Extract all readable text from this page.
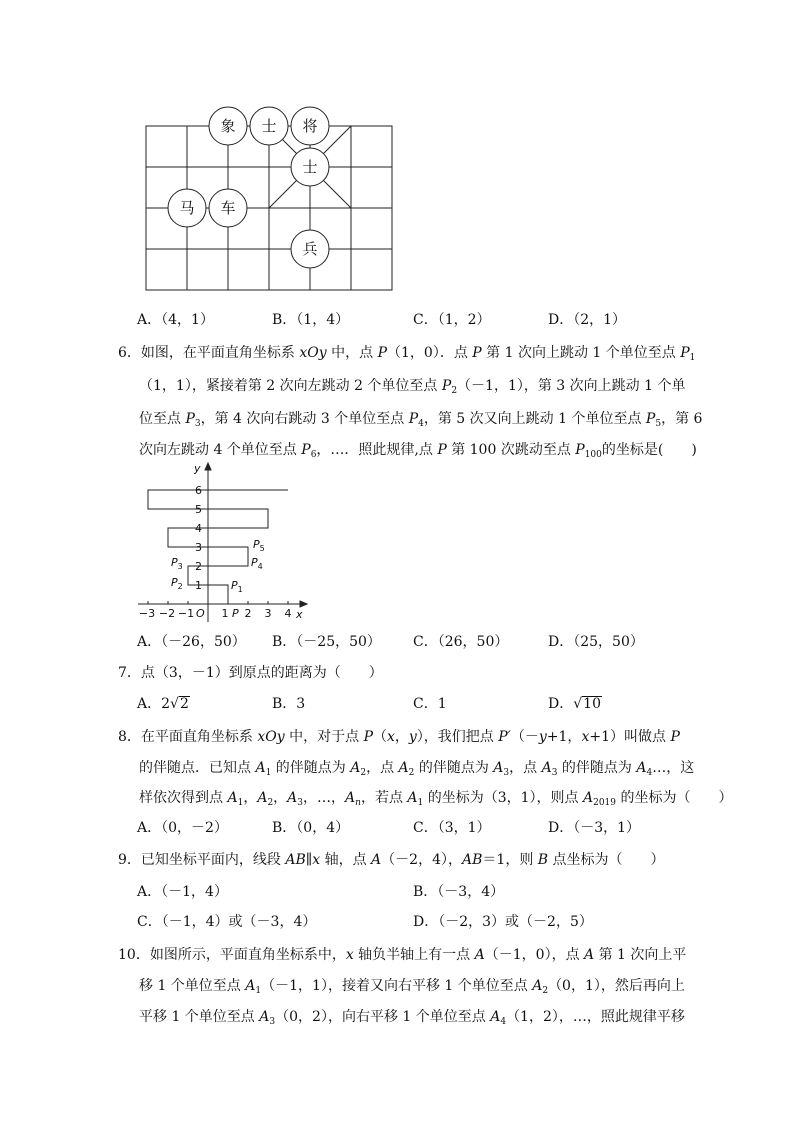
象 士 将
士
马 车
兵
A．（4，1）	B．（1，4）	C．（1，2）	D．（2，1）
6．如图，在平面直角坐标系 xOy 中，点 P（1，0）．点 P 第 1 次向上跳动 1 个单位至点 $P_1$
（1，1），紧接着第 2 次向左跳动 2 个单位至点 $P_2(-1$，1），第 3 次向上跳动 1 个单
位至点 $P_3$，第 4 次向右跳动 3 个单位至点 $P_4$，第 5 次又向上跳动 1 个单位至点 $P_5$，第 6
次向左跳动 4 个单位至点 $P_6$，…．照此规律,点 P 第 100 次跳动至点 $P_{100}$的坐标是(　　)
y
x
O
6
5
4
3
2
1
−3 −2 −1 1 2 3 4
P
$P_1$
$P_2$
$P_3$	$P_4$
$P_5$
A．（－26，50） B．（－25，50） C．（26，50）	D．（25，50）
7．点（3，－1）到原点的距离为（　　）
A．2√2	B．3	C．1	D．√10
8．在平面直角坐标系 xOy 中，对于点 P（x，y），我们把点 P′（－y+1，x+1）叫做点 P
的伴随点．已知点 $A_1$ 的伴随点为 $A_2$，点 $A_2$ 的伴随点为 $A_3$，点 $A_3$ 的伴随点为 $A_4\dots$，这
样依次得到点 $A_1$，$A_2$，$A_3$，…，$A_n$，若点 $A_1$ 的坐标为（3，1），则点 $A_{2019}$ 的坐标为（　　）
A．（0，－2）	B．（0，4）	C．（3，1）	D．（－3，1）
9．已知坐标平面内，线段 AB∥x 轴，点 A（－2，4），AB＝1，则 B 点坐标为（　　）
A．（－1，4）	B．（－3，4）
C．（－1，4）或（－3，4）	D．（－2，3）或（－2，5）
10．如图所示，平面直角坐标系中，x 轴负半轴上有一点 A（－1，0），点 A 第 1 次向上平
移 1 个单位至点 $A_1(-1$，1），接着又向右平移 1 个单位至点 $A_2(0$，1），然后再向上
平移 1 个单位至点 $A_3(0$，2），向右平移 1 个单位至点 $A_4(1$，2），…，照此规律平移
